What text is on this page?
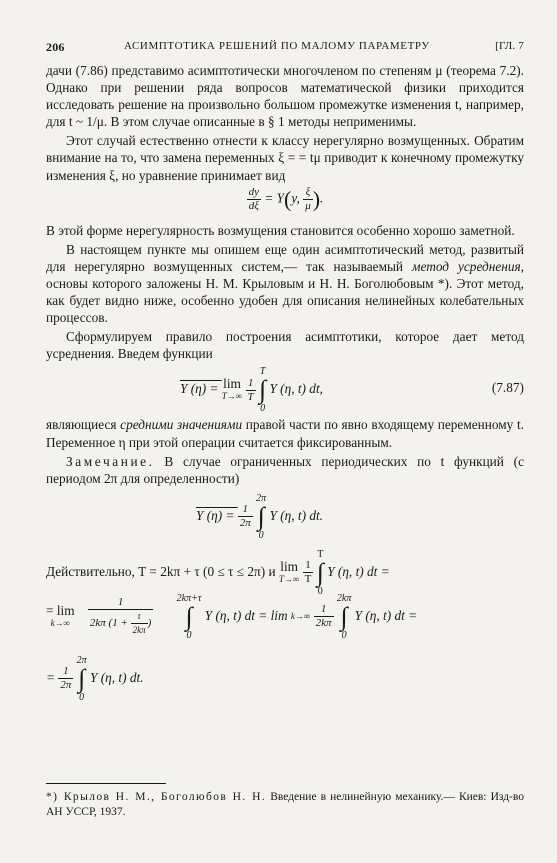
206	АСИМПТОТИКА РЕШЕНИЙ ПО МАЛОМУ ПАРАМЕТРУ	[ГЛ. 7

дачи (7.86) представимо асимптотически многочленом по степеням μ (теорема 7.2). Однако при решении ряда вопросов математической физики приходится исследовать решение на произвольно большом промежутке изменения t, например, для t ~ 1/μ. В этом случае описанные в § 1 методы неприменимы.

Этот случай естественно отнести к классу нерегулярно возмущенных. Обратим внимание на то, что замена переменных ξ = = tμ приводит к конечному промежутку изменения ξ, но уравнение принимает вид

$\frac{dy}{d\xi} = Y(y$, $\frac{\xi}{\mu}$ ).

В этой форме нерегулярность возмущения становится особенно хорошо заметной.

В настоящем пункте мы опишем еще один асимптотический метод, развитый для нерегулярно возмущенных систем,— так называемый метод усреднения, основы которого заложены Н. М. Крыловым и Н. Н. Боголюбовым *). Этот метод, как будет видно ниже, особенно удобен для описания нелинейных колебательных процессов.

Сформулируем правило построения асимптотики, которое дает метод усреднения. Введем функции

Y (η) = lim
T→∞
$\frac{1}{T}$
T
∫
0 Y (η, t) dt,	(7.87)

являющиеся средними значениями правой части по явно входящему переменному t. Переменное η при этой операции считается фиксированным.

Замечание. В случае ограниченных периодических по t функций (с периодом 2π для определенности)

Y $(\eta) = \frac{1}{2\pi}$
2π
∫
0 Y (η, t) dt.
Действительно, T = 2kπ + τ (0 ≤ τ ≤ 2π) и lim
T→∞
$\frac{1}{T}$
T
∫
0 Y (η, t) dt =
= lim
k→∞
	$\frac{1}{2k\pi (1 + \frac{\tau}{2k\pi} )} 2k\pi+\tau$
∫
0 Y (η, t) dt = lim k→∞
$\frac{1}{2k\pi}$
2kπ
∫
0 Y (η, t) dt =
= $\frac{1}{2\pi}$
2π
∫
0 Y (η, t) dt.
*) Крылов Н. М., Боголюбов Н. Н. Введение в нелинейную механику.— Киев: Изд-во АН УССР, 1937.
